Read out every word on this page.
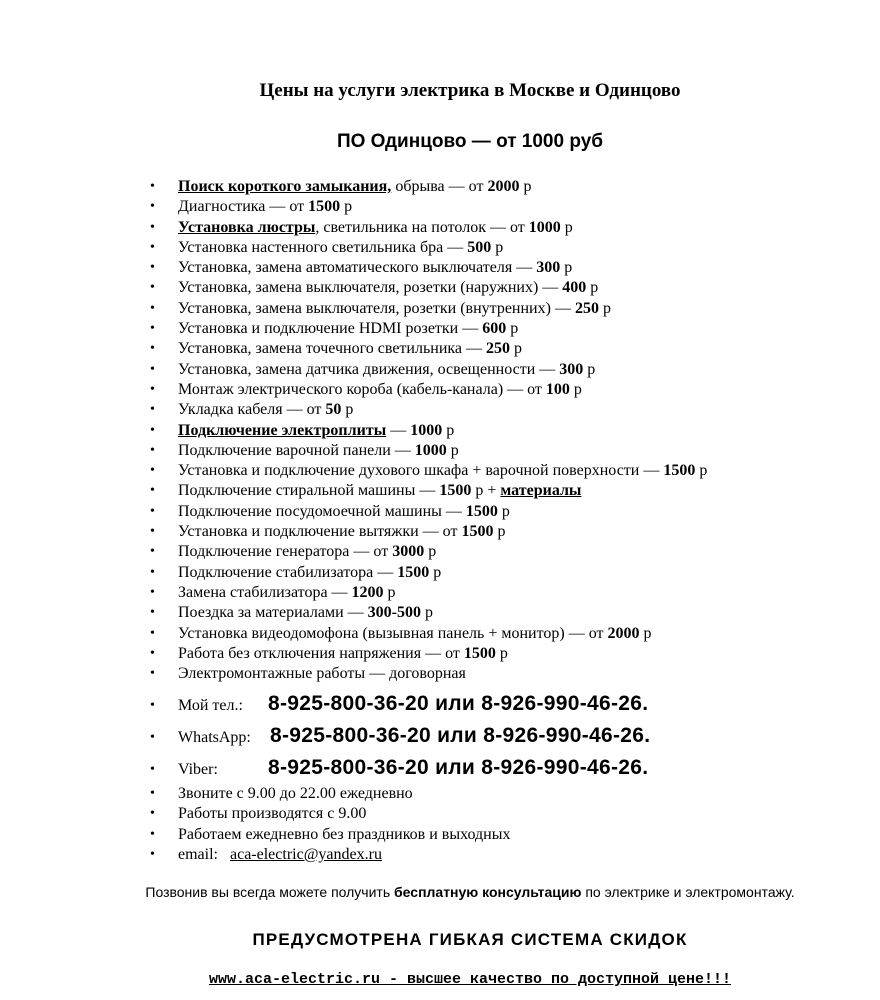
Цены на услуги электрика в Москве и Одинцово
ПО Одинцово — от 1000 руб
• Поиск короткого замыкания, обрыва — от 2000 р
• Диагностика — от 1500 р
• Установка люстры, светильника на потолок — от 1000 р
• Установка настенного светильника бра — 500 р
• Установка, замена автоматического выключателя — 300 р
• Установка, замена выключателя, розетки (наружних) — 400 р
• Установка, замена выключателя, розетки (внутренних) — 250 р
• Установка и подключение HDMI розетки — 600 р
• Установка, замена точечного светильника — 250 р
• Установка, замена датчика движения, освещенности — 300 р
• Монтаж электрического короба (кабель-канала) — от 100 р
• Укладка кабеля — от 50 р
• Подключение электроплиты — 1000 р
• Подключение варочной панели — 1000 р
• Установка и подключение духового шкафа + варочной поверхности — 1500 р
• Подключение стиральной машины — 1500 р + материалы
• Подключение посудомоечной машины — 1500 р
• Установка и подключение вытяжки — от 1500 р
• Подключение генератора — от 3000 р
• Подключение стабилизатора — 1500 р
• Замена стабилизатора — 1200 р
• Поездка за материалами — 300-500 р
• Установка видеодомофона (вызывная панель + монитор) — от 2000 р
• Работа без отключения напряжения — от 1500 р
• Электромонтажные работы — договорная
• Мой тел.: 8-925-800-36-20 или 8-926-990-46-26.
• WhatsApp: 8-925-800-36-20 или 8-926-990-46-26.
• Viber: 8-925-800-36-20 или 8-926-990-46-26.
• Звоните с 9.00 до 22.00 ежедневно
• Работы производятся с 9.00
• Работаем ежедневно без праздников и выходных
• email: aca-electric@yandex.ru
Позвонив вы всегда можете получить бесплатную консультацию по электрике и электромонтажу.
ПРЕДУСМОТРЕНА ГИБКАЯ СИСТЕМА СКИДОК
www.aca-electric.ru - высшее качество по доступной цене!!!
